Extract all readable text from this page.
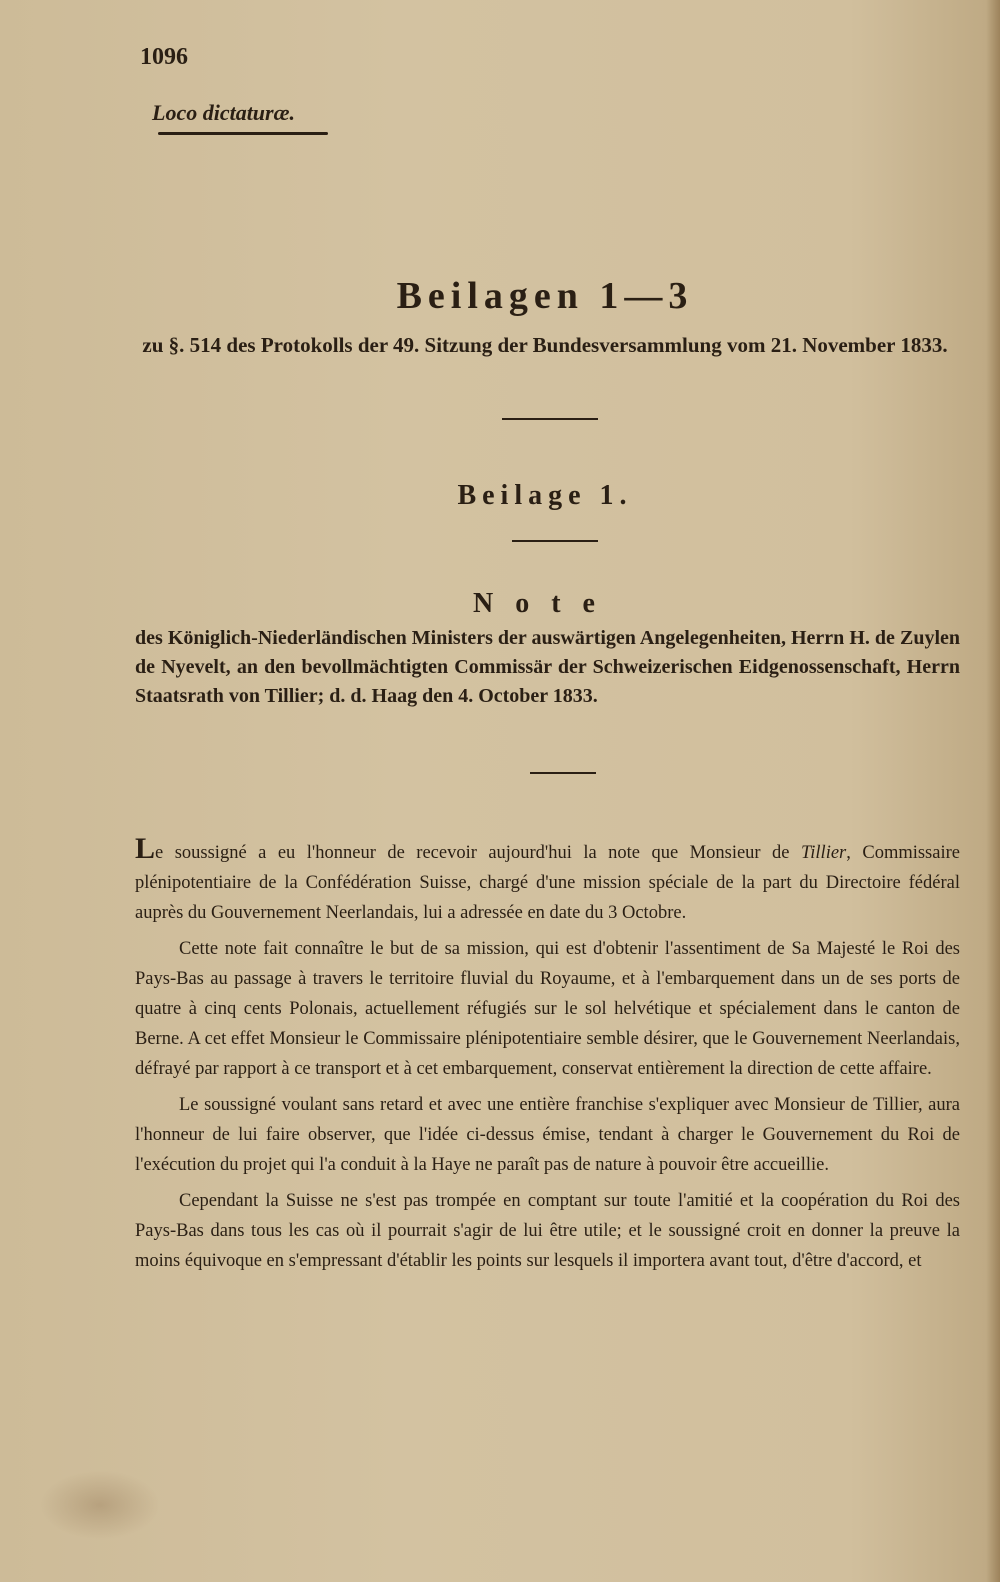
1096
Loco dictaturæ.
Beilagen 1—3
zu §. 514 des Protokolls der 49. Sitzung der Bundesversammlung vom 21. November 1833.
Beilage 1.
Note
des Königlich-Niederländischen Ministers der auswärtigen Angelegenheiten, Herrn H. de Zuylen de Nyevelt, an den bevollmächtigten Commissär der Schweizerischen Eidgenossenschaft, Herrn Staatsrath von Tillier; d. d. Haag den 4. October 1833.

Le soussigné a eu l'honneur de recevoir aujourd'hui la note que Monsieur de Tillier, Commissaire plénipotentiaire de la Confédération Suisse, chargé d'une mission spéciale de la part du Directoire fédéral auprès du Gouvernement Neerlandais, lui a adressée en date du 3 Octobre.

Cette note fait connaître le but de sa mission, qui est d'obtenir l'assentiment de Sa Majesté le Roi des Pays-Bas au passage à travers le territoire fluvial du Royaume, et à l'embarquement dans un de ses ports de quatre à cinq cents Polonais, actuellement réfugiés sur le sol helvétique et spécialement dans le canton de Berne. A cet effet Monsieur le Commissaire plénipotentiaire semble désirer, que le Gouvernement Neerlandais, défrayé par rapport à ce transport et à cet embarquement, conservat entièrement la direction de cette affaire.

Le soussigné voulant sans retard et avec une entière franchise s'expliquer avec Monsieur de Tillier, aura l'honneur de lui faire observer, que l'idée ci-dessus émise, tendant à charger le Gouvernement du Roi de l'exécution du projet qui l'a conduit à la Haye ne paraît pas de nature à pouvoir être accueillie.

Cependant la Suisse ne s'est pas trompée en comptant sur toute l'amitié et la coopération du Roi des Pays-Bas dans tous les cas où il pourrait s'agir de lui être utile; et le soussigné croit en donner la preuve la moins équivoque en s'empressant d'établir les points sur lesquels il importera avant tout, d'être d'accord, et
